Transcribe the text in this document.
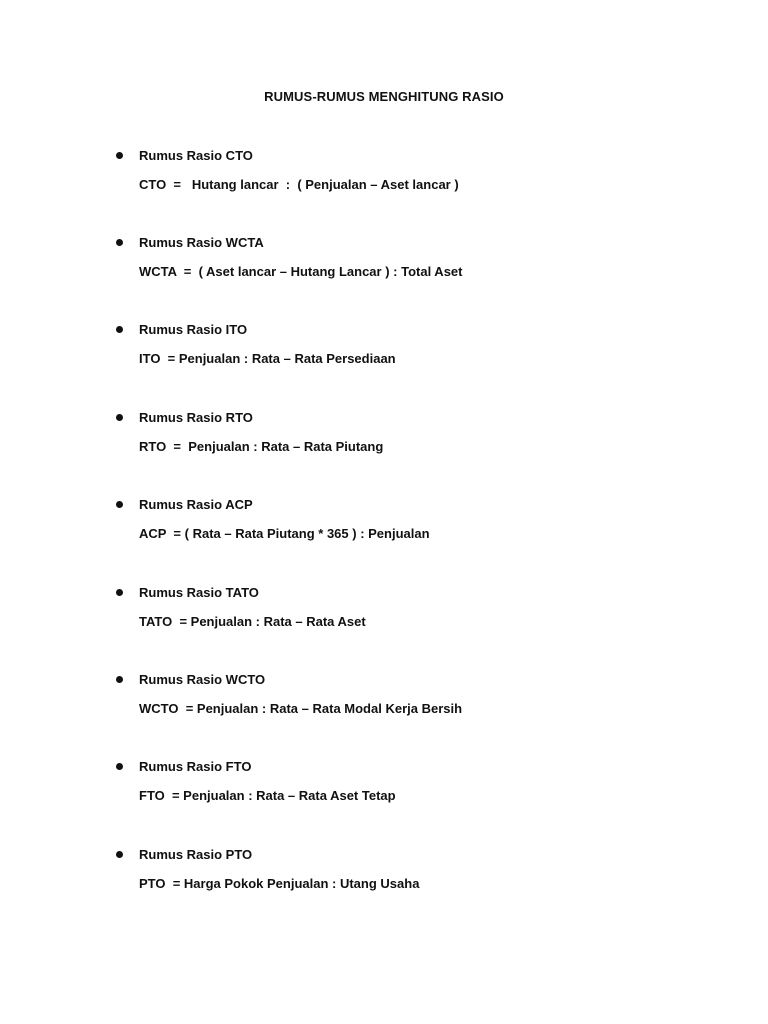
RUMUS-RUMUS MENGHITUNG RASIO
Rumus Rasio CTO
CTO  =   Hutang lancar  :  ( Penjualan – Aset lancar )
Rumus Rasio WCTA
WCTA  =  ( Aset lancar – Hutang Lancar ) : Total Aset
Rumus Rasio ITO
ITO  = Penjualan : Rata – Rata Persediaan
Rumus Rasio RTO
RTO  =  Penjualan : Rata – Rata Piutang
Rumus Rasio ACP
ACP  = ( Rata – Rata Piutang * 365 ) : Penjualan
Rumus Rasio TATO
TATO  = Penjualan : Rata – Rata Aset
Rumus Rasio WCTO
WCTO  = Penjualan : Rata – Rata Modal Kerja Bersih
Rumus Rasio FTO
FTO  = Penjualan : Rata – Rata Aset Tetap
Rumus Rasio PTO
PTO  = Harga Pokok Penjualan : Utang Usaha
